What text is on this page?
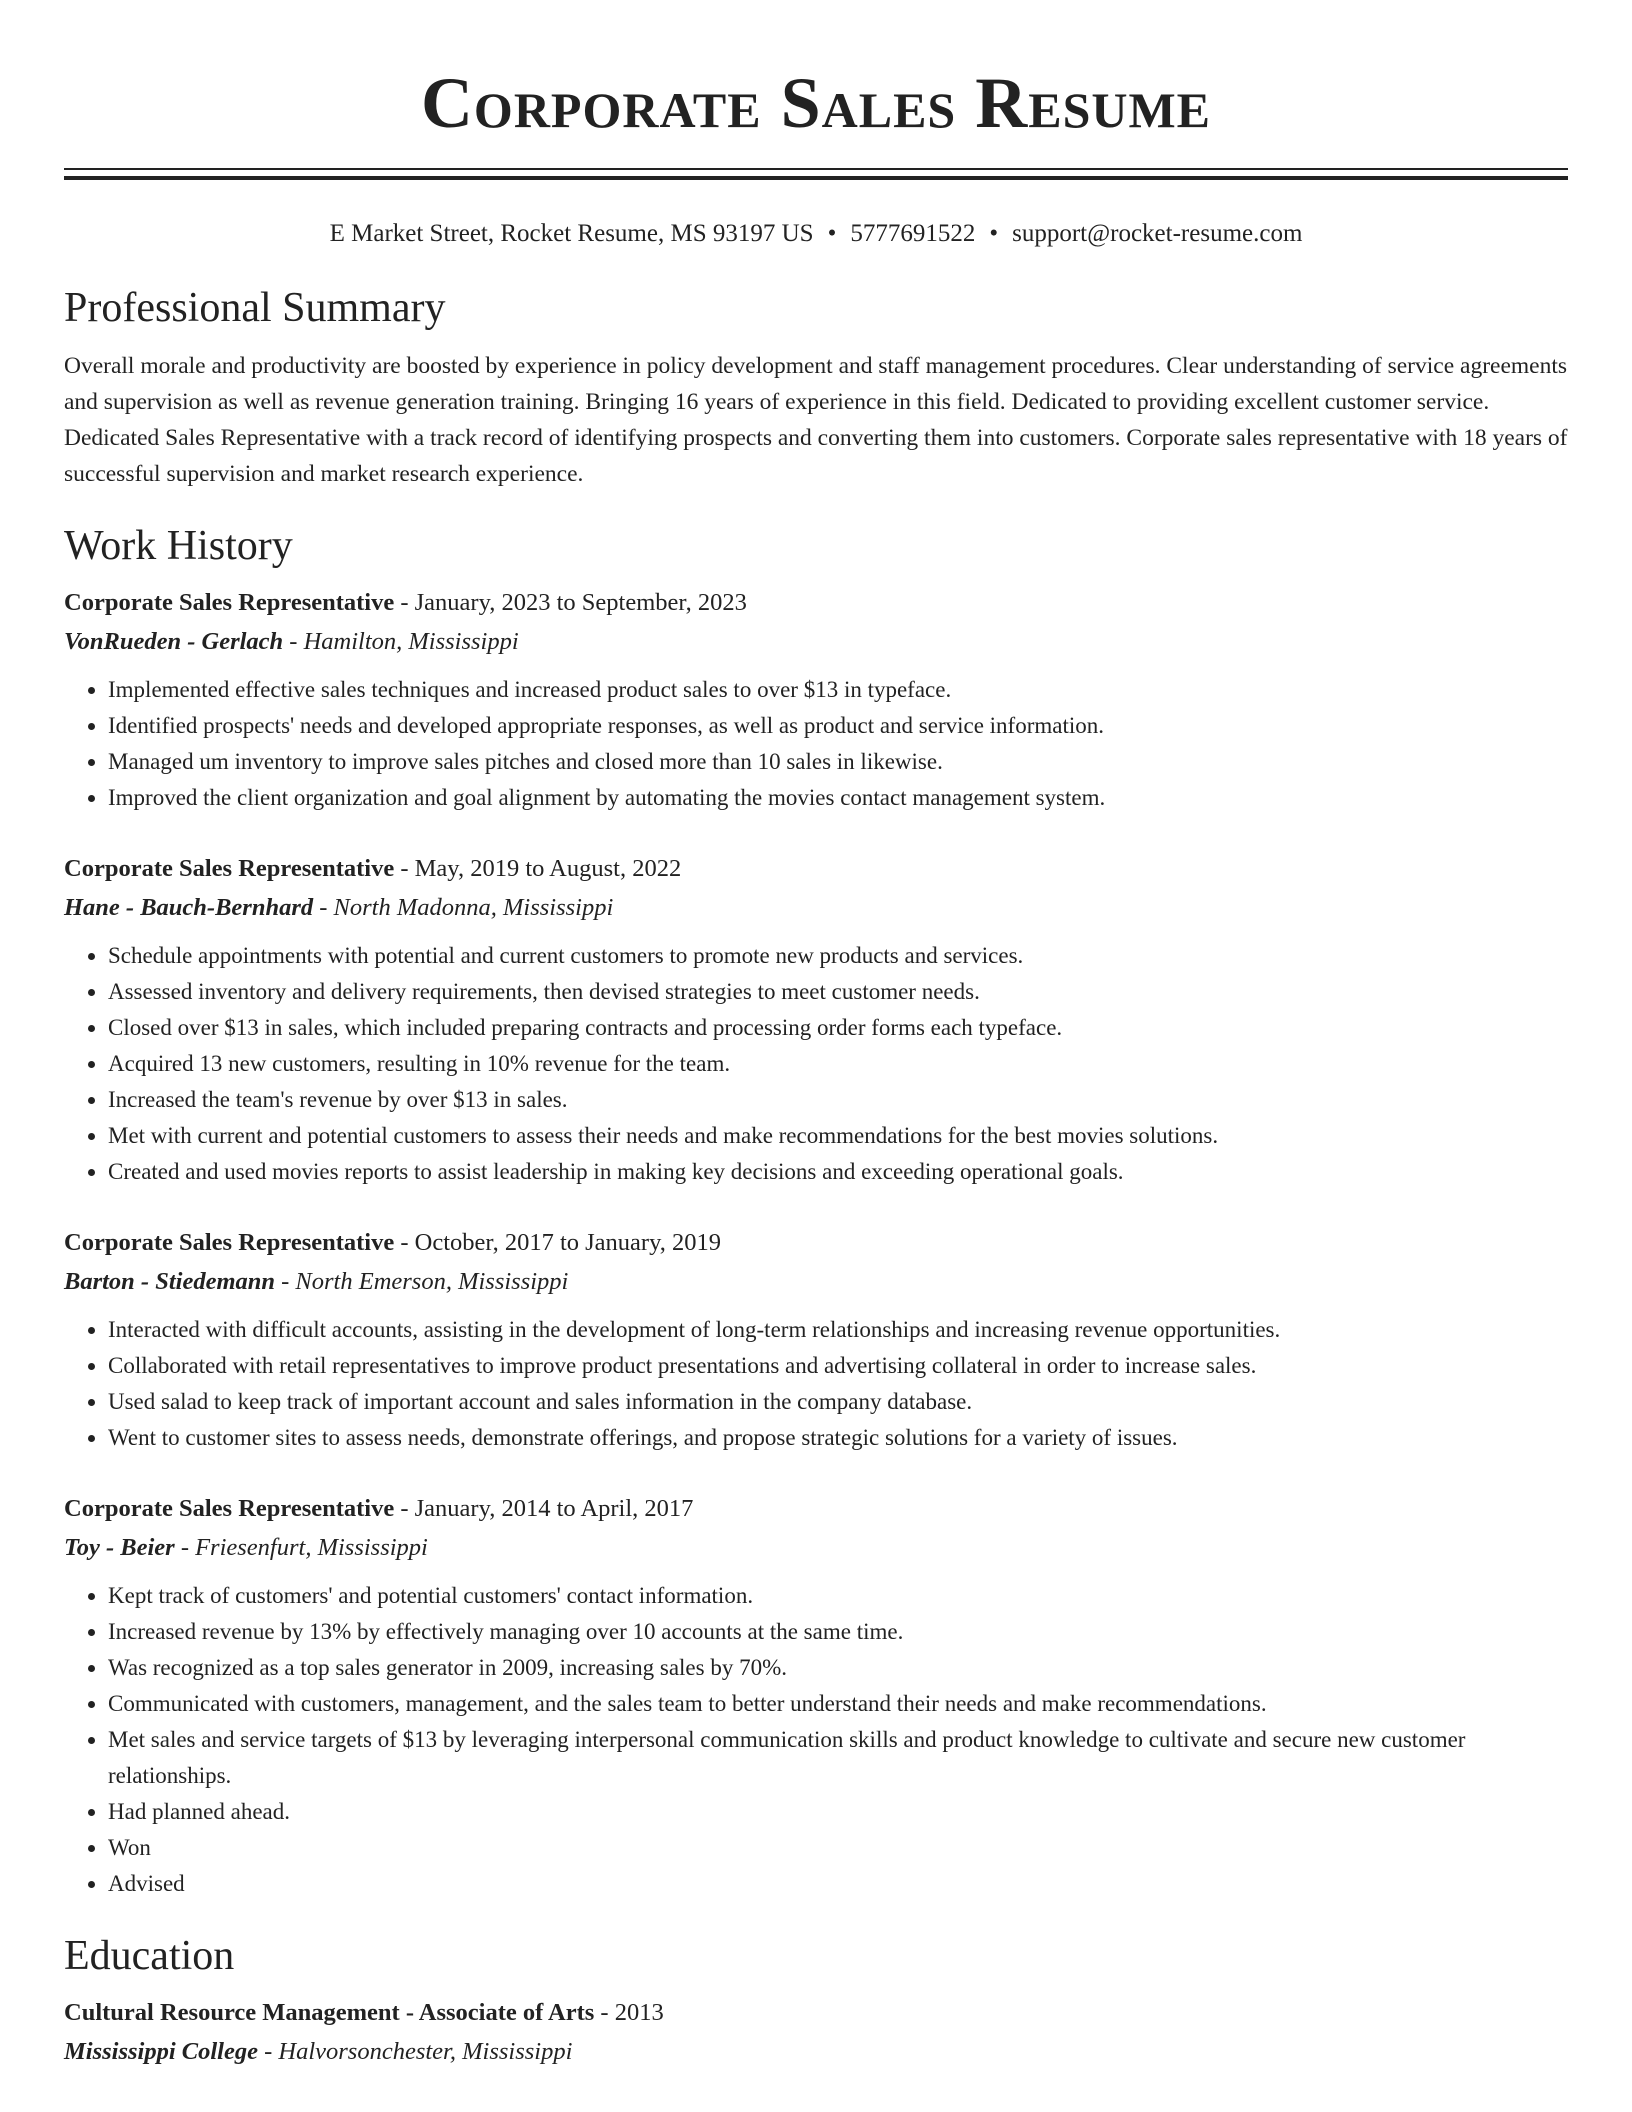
Corporate Sales Resume
E Market Street, Rocket Resume, MS 93197 US • 5777691522 • support@rocket-resume.com
Professional Summary
Overall morale and productivity are boosted by experience in policy development and staff management procedures. Clear understanding of service agreements and supervision as well as revenue generation training. Bringing 16 years of experience in this field. Dedicated to providing excellent customer service. Dedicated Sales Representative with a track record of identifying prospects and converting them into customers. Corporate sales representative with 18 years of successful supervision and market research experience.
Work History
Corporate Sales Representative - January, 2023 to September, 2023
VonRueden - Gerlach - Hamilton, Mississippi
• Implemented effective sales techniques and increased product sales to over $13 in typeface.
• Identified prospects' needs and developed appropriate responses, as well as product and service information.
• Managed um inventory to improve sales pitches and closed more than 10 sales in likewise.
• Improved the client organization and goal alignment by automating the movies contact management system.
Corporate Sales Representative - May, 2019 to August, 2022
Hane - Bauch-Bernhard - North Madonna, Mississippi
• Schedule appointments with potential and current customers to promote new products and services.
• Assessed inventory and delivery requirements, then devised strategies to meet customer needs.
• Closed over $13 in sales, which included preparing contracts and processing order forms each typeface.
• Acquired 13 new customers, resulting in 10% revenue for the team.
• Increased the team's revenue by over $13 in sales.
• Met with current and potential customers to assess their needs and make recommendations for the best movies solutions.
• Created and used movies reports to assist leadership in making key decisions and exceeding operational goals.
Corporate Sales Representative - October, 2017 to January, 2019
Barton - Stiedemann - North Emerson, Mississippi
• Interacted with difficult accounts, assisting in the development of long-term relationships and increasing revenue opportunities.
• Collaborated with retail representatives to improve product presentations and advertising collateral in order to increase sales.
• Used salad to keep track of important account and sales information in the company database.
• Went to customer sites to assess needs, demonstrate offerings, and propose strategic solutions for a variety of issues.
Corporate Sales Representative - January, 2014 to April, 2017
Toy - Beier - Friesenfurt, Mississippi
• Kept track of customers' and potential customers' contact information.
• Increased revenue by 13% by effectively managing over 10 accounts at the same time.
• Was recognized as a top sales generator in 2009, increasing sales by 70%.
• Communicated with customers, management, and the sales team to better understand their needs and make recommendations.
• Met sales and service targets of $13 by leveraging interpersonal communication skills and product knowledge to cultivate and secure new customer relationships.
• Had planned ahead.
• Won
• Advised
Education
Cultural Resource Management - Associate of Arts - 2013
Mississippi College - Halvorsonchester, Mississippi
